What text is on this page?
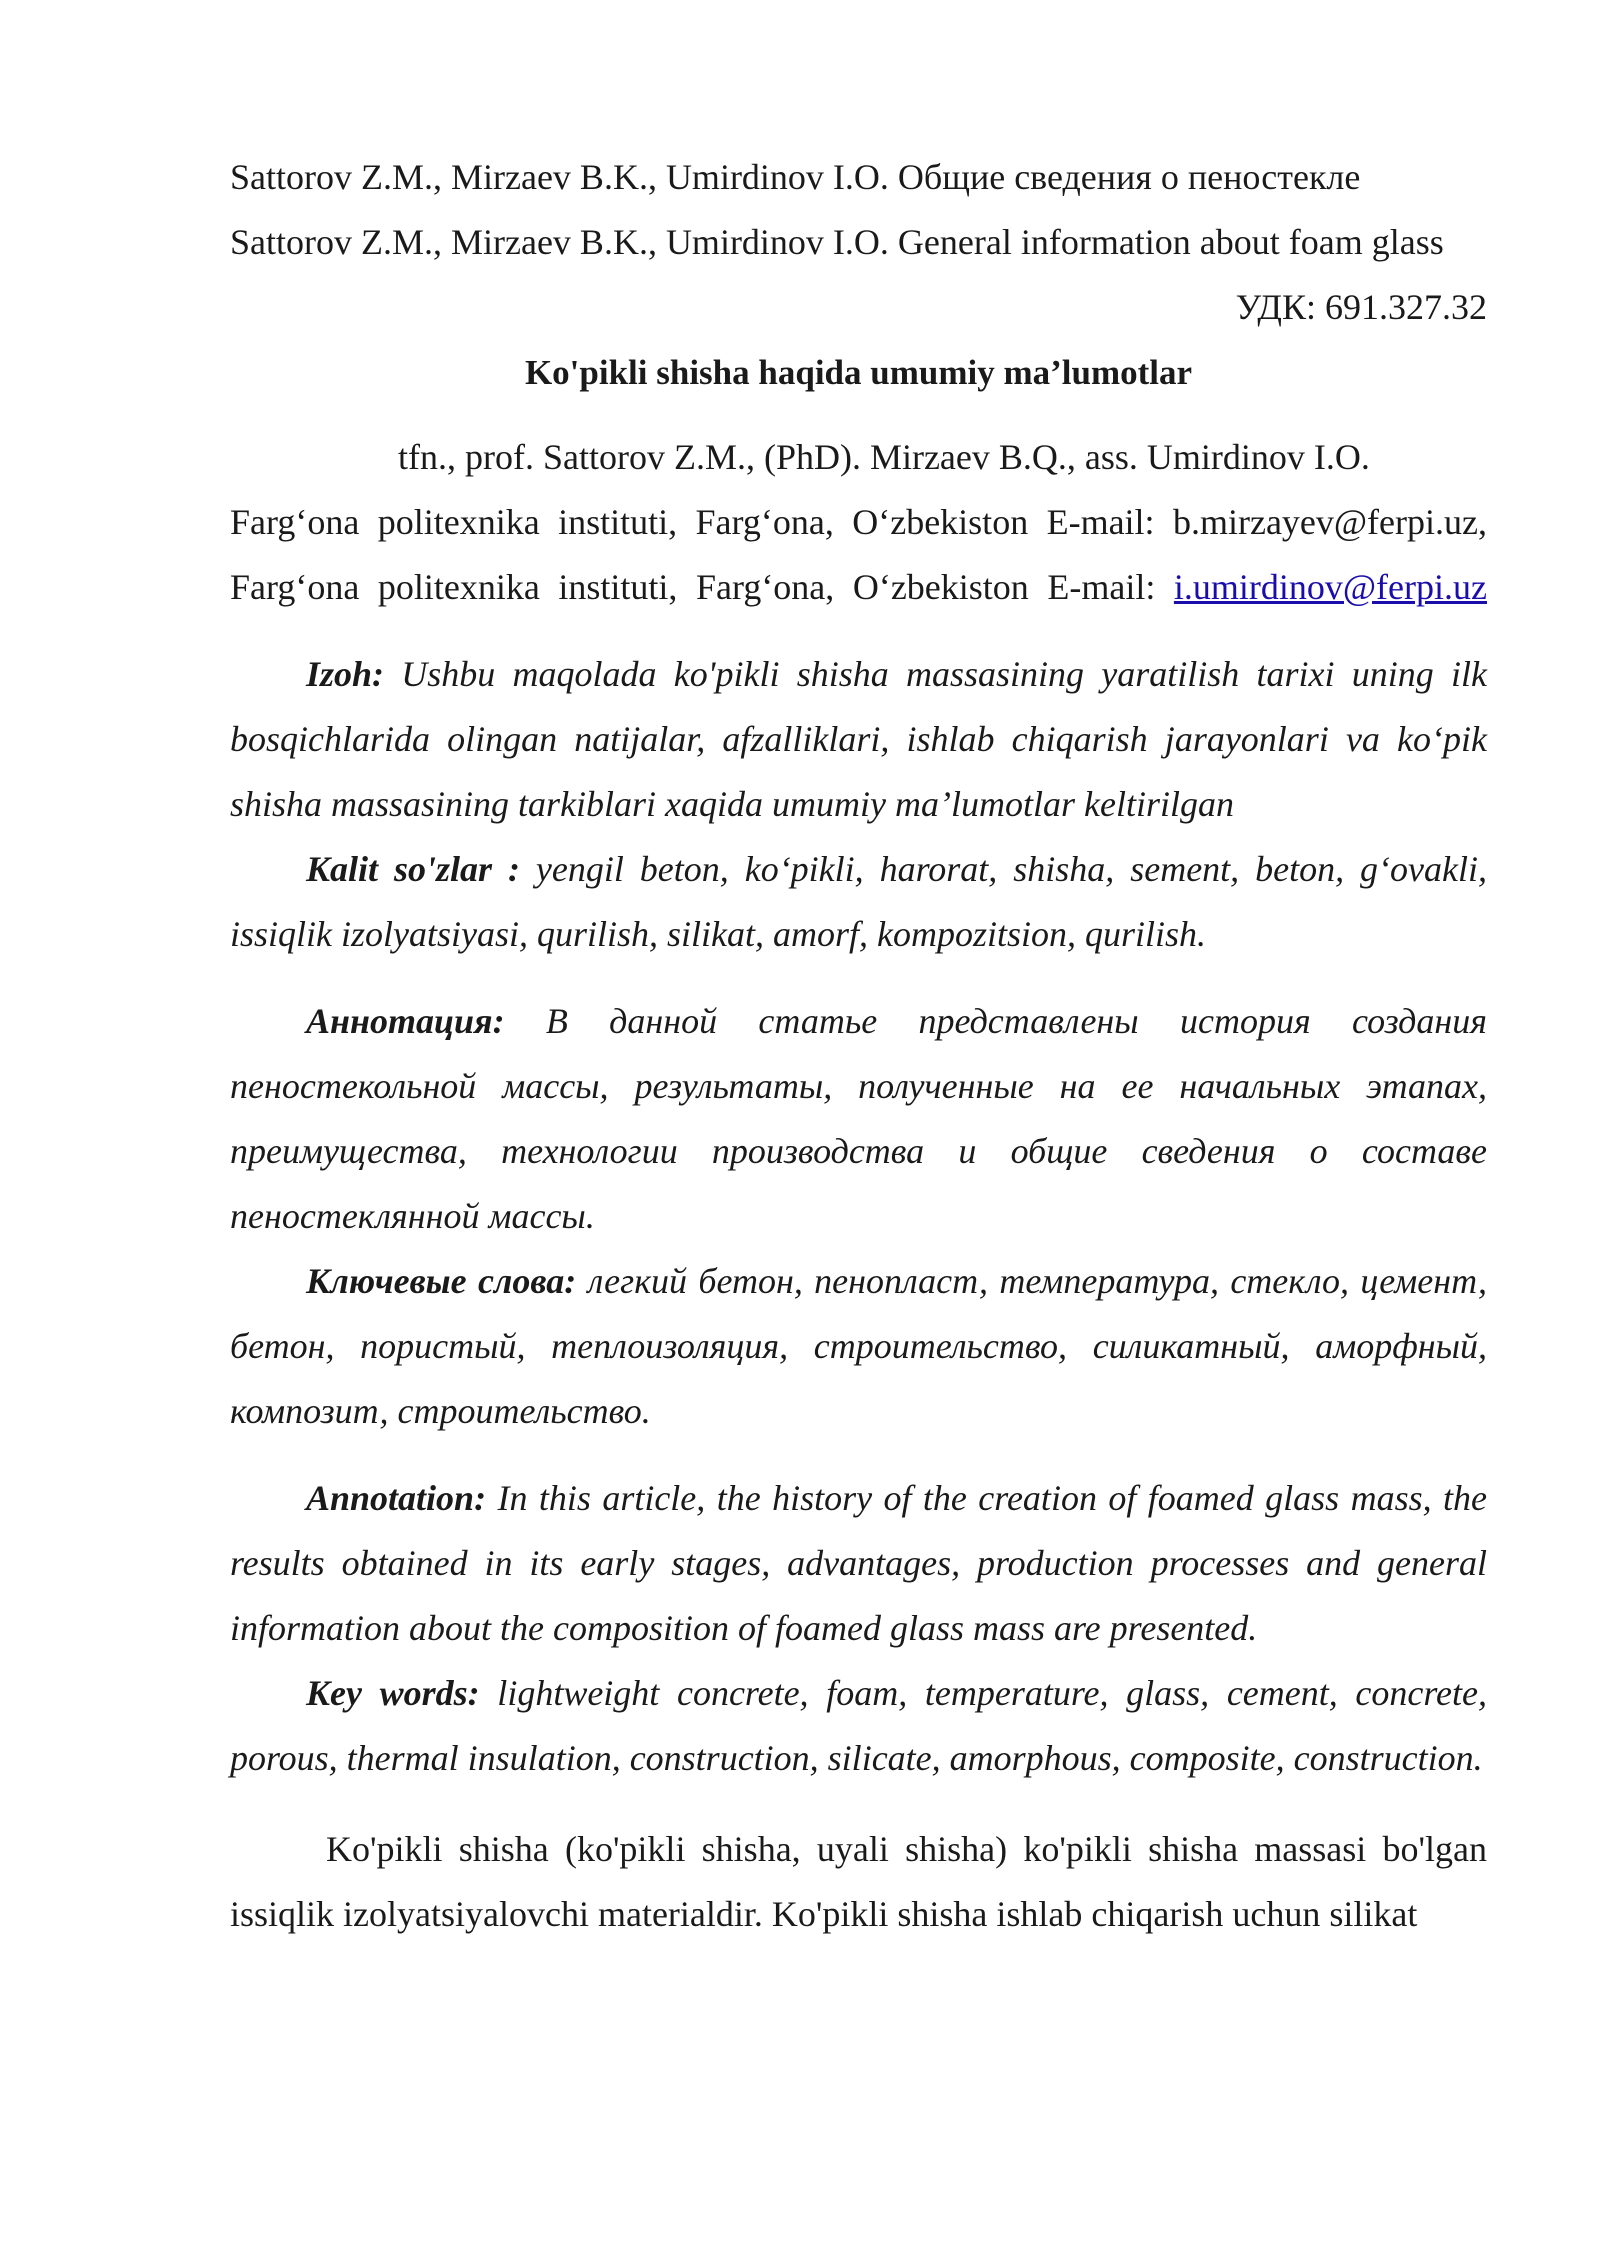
Sattorov Z.M., Mirzaev B.K., Umirdinov I.O. Общие сведения о пеностекле

Sattorov Z.M., Mirzaev B.K., Umirdinov I.O. General information about foam glass

УДК: 691.327.32

Ko'pikli shisha haqida umumiy ma’lumotlar

tfn., prof. Sattorov Z.M., (PhD). Mirzaev B.Q., ass. Umirdinov I.O.

Farg‘ona politexnika instituti, Farg‘ona, O‘zbekiston E-mail: b.mirzayev@ferpi.uz,

Farg‘ona politexnika instituti, Farg‘ona, O‘zbekiston E-mail: i.umirdinov@ferpi.uz

Izoh: Ushbu maqolada ko'pikli shisha massasining yaratilish tarixi uning ilk bosqichlarida olingan natijalar, afzalliklari, ishlab chiqarish jarayonlari va ko‘pik shisha massasining tarkiblari xaqida umumiy ma’lumotlar keltirilgan

Kalit so'zlar : yengil beton, ko‘pikli, harorat, shisha, sement, beton, g‘ovakli, issiqlik izolyatsiyasi, qurilish, silikat, amorf, kompozitsion, qurilish.

Аннотация: В данной статье представлены история создания пеностекольной массы, результаты, полученные на ее начальных этапах, преимущества, технологии производства и общие сведения о составе пеностеклянной массы.

Ключевые слова: легкий бетон, пенопласт, температура, стекло, цемент, бетон, пористый, теплоизоляция, строительство, силикатный, аморфный, композит, строительство.

Annotation: In this article, the history of the creation of foamed glass mass, the results obtained in its early stages, advantages, production processes and general information about the composition of foamed glass mass are presented.

Key words: lightweight concrete, foam, temperature, glass, cement, concrete, porous, thermal insulation, construction, silicate, amorphous, composite, construction.

Ko'pikli shisha (ko'pikli shisha, uyali shisha) ko'pikli shisha massasi bo'lgan issiqlik izolyatsiyalovchi materialdir. Ko'pikli shisha ishlab chiqarish uchun silikat
